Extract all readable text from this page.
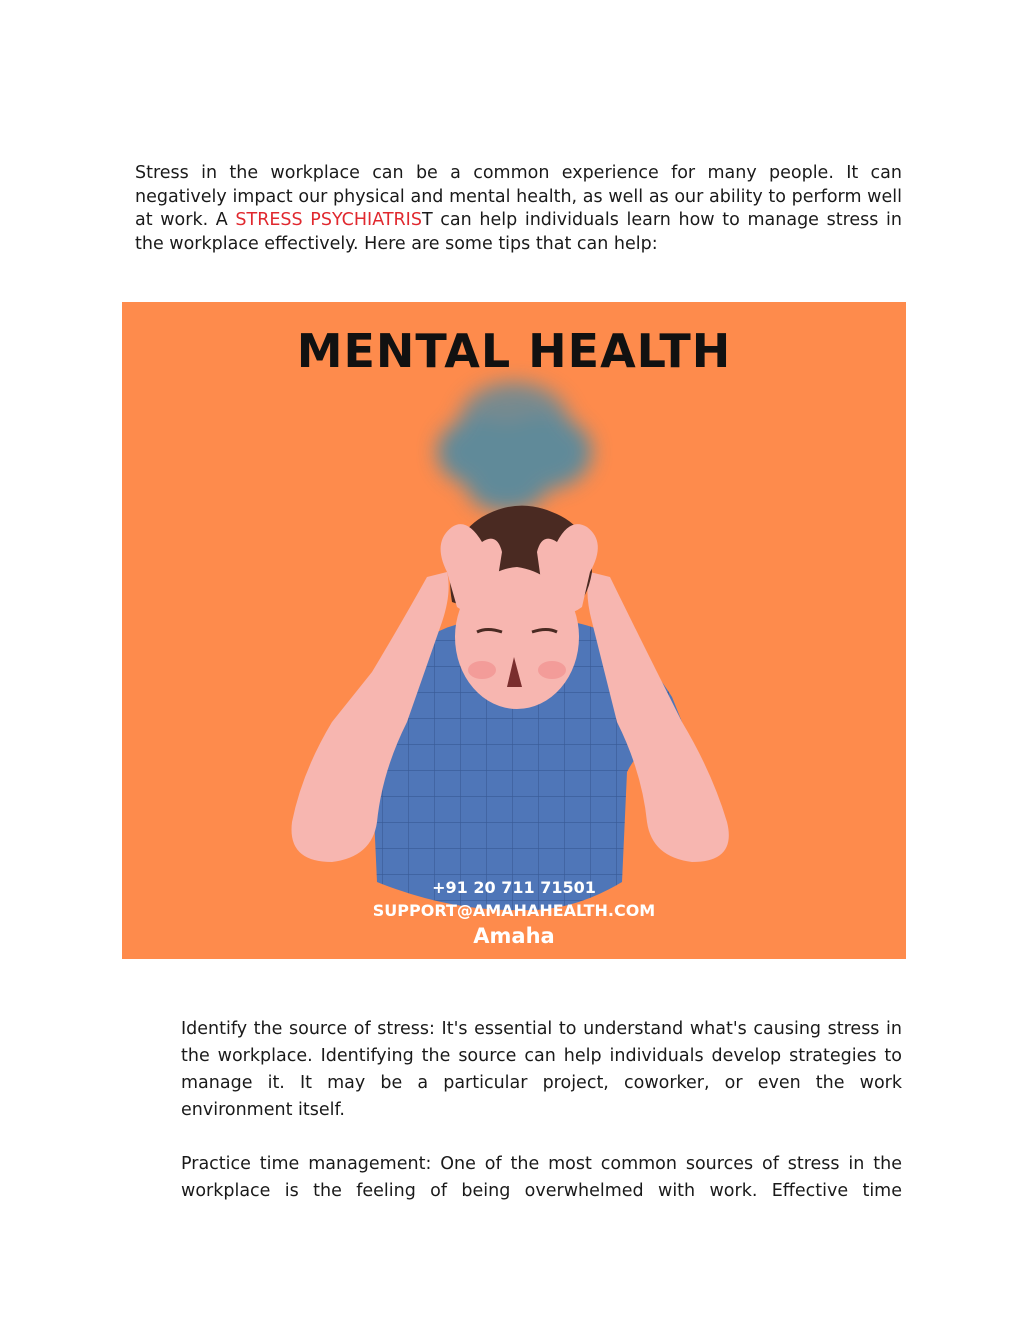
Stress in the workplace can be a common experience for many people. It can negatively impact our physical and mental health, as well as our ability to perform well at work. A STRESS PSYCHIATRIST can help individuals learn how to manage stress in the workplace effectively. Here are some tips that can help:

MENTAL HEALTH
+91 20 711 71501
SUPPORT@AMAHAHEALTH.COM
Amaha

Identify the source of stress: It's essential to understand what's causing stress in the workplace. Identifying the source can help individuals develop strategies to manage it. It may be a particular project, coworker, or even the work environment itself.

Practice time management: One of the most common sources of stress in the workplace is the feeling of being overwhelmed with work. Effective time
